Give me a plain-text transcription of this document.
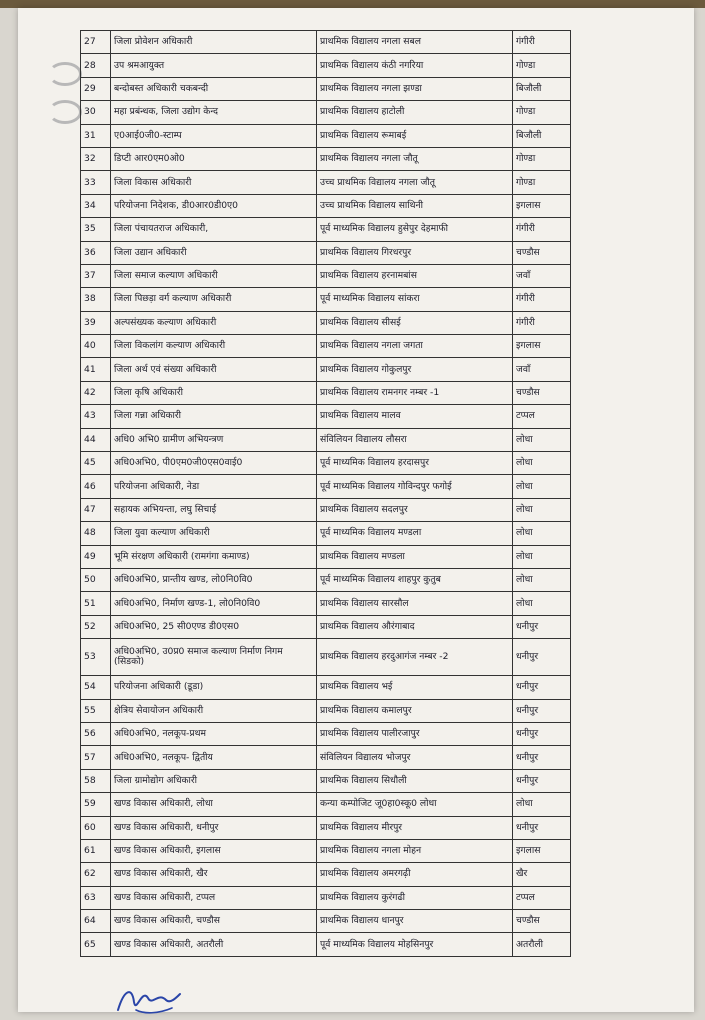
27	जिला प्रोवेशन अधिकारी	प्राथमिक विद्यालय नगला सबल	गंगीरी
28	उप श्रमआयुक्त	प्राथमिक विद्यालय कंठी नगरिया	गोण्डा
29	बन्दोबस्त अधिकारी चकबन्दी	प्राथमिक विद्यालय नगला झण्डा	बिजौली
30	महा प्रबंन्धक, जिला उद्योग केन्द	प्राथमिक विद्यालय हाटोली	गोण्डा
31	ए0आई0जी0-स्टाम्प	प्राथमिक विद्यालय रूमाबई	बिजौली
32	डिप्टी आर0एम0ओ0	प्राथमिक विद्यालय नगला जौतू	गोण्डा
33	जिला विकास अधिकारी	उच्च प्राथमिक विद्यालय नगला जौतू	गोण्डा
34	परियोजना निदेशक, डी0आर0डी0ए0	उच्च प्राथमिक विद्यालय साथिनी	इगलास
35	जिला पंचायतराज अधिकारी,	पूर्व माध्यमिक विद्यालय हुसेपुर देहमाफी	गंगीरी
36	जिला उद्यान अधिकारी	प्राथमिक विद्यालय गिरधरपुर	चण्डौस
37	जिला समाज कल्याण अधिकारी	प्राथमिक विद्यालय हरनामबांस	जवाँ
38	जिला पिछड़ा वर्ग कल्याण अधिकारी	पूर्व माध्यमिक विद्यालय सांकरा	गंगीरी
39	अल्पसंख्यक कल्याण अधिकारी	प्राथमिक विद्यालय सीसई	गंगीरी
40	जिला विकलांग कल्याण अधिकारी	प्राथमिक विद्यालय नगला जगता	इगलास
41	जिला अर्थ एवं संख्या अधिकारी	प्राथमिक विद्यालय गोकुलपुर	जवाँ
42	जिला कृषि अधिकारी	प्राथमिक विद्यालय रामनगर नम्बर -1	चण्डौस
43	जिला गन्ना अधिकारी	प्राथमिक विद्यालय मालव	टप्पल
44	अधि0 अभि0 ग्रामीण अभियन्त्रण	संविलियन विद्यालय लौसरा	लोधा
45	अधि0अभि0, पी0एम0जी0एस0वाई0	पूर्व माध्यमिक विद्यालय हरदासपुर	लोधा
46	परियोजना अधिकारी, नेडा	पूर्व माध्यमिक विद्यालय गोविन्दपुर फगोई	लोधा
47	सहायक अभियन्ता, लघु सिचाई	प्राथमिक विद्यालय सदलपुर	लोधा
48	जिला युवा कल्याण अधिकारी	पूर्व माध्यमिक विद्यालय मण्डला	लोधा
49	भूमि संरक्षण अधिकारी (रामगंगा कमाण्ड)	प्राथमिक विद्यालय मण्डला	लोधा
50	अधि0अभि0, प्रान्तीय खण्ड, लो0नि0वि0	पूर्व माध्यमिक विद्यालय शाहपुर कुतुब	लोधा
51	अधि0अभि0, निर्माण खण्ड-1, लो0नि0वि0	प्राथमिक विद्यालय सारसौल	लोधा
52	अधि0अभि0, 25 सी0एण्ड डी0एस0	प्राथमिक विद्यालय औरंगाबाद	धनीपुर
53	अधि0अभि0, उ0प्र0 समाज कल्याण निर्माण निगम (सिडको)	प्राथमिक विद्यालय हरदुआगंज नम्बर -2	धनीपुर
54	परियोजना अधिकारी (डूडा)	प्राथमिक विद्यालय भई	धनीपुर
55	क्षेत्रिय सेवायोजन अधिकारी	प्राथमिक विद्यालय कमालपुर	धनीपुर
56	अधि0अभि0, नलकूप-प्रथम	प्राथमिक विद्यालय पालीरजापुर	धनीपुर
57	अधि0अभि0, नलकूप- द्वितीय	संविलियन विद्यालय भोजपुर	धनीपुर
58	जिला ग्रामोद्योग अधिकारी	प्राथमिक विद्यालय सिधौली	धनीपुर
59	खण्ड विकास अधिकारी, लोधा	कन्या कम्पोजिट जू0हा0स्कू0 लोधा	लोधा
60	खण्ड विकास अधिकारी, धनीपुर	प्राथमिक विद्यालय मीरपुर	धनीपुर
61	खण्ड विकास अधिकारी, इगलास	प्राथमिक विद्यालय नगला मोहन	इगलास
62	खण्ड विकास अधिकारी, खैर	प्राथमिक विद्यालय अमरगढ़ी	खैर
63	खण्ड विकास अधिकारी, टप्पल	प्राथमिक विद्यालय कुरंगढी	टप्पल
64	खण्ड विकास अधिकारी, चण्डौस	प्राथमिक विद्यालय धानपुर	चण्डौस
65	खण्ड विकास अधिकारी, अतरौली	पूर्व माध्यमिक विद्यालय मोहसिनपुर	अतरौली
